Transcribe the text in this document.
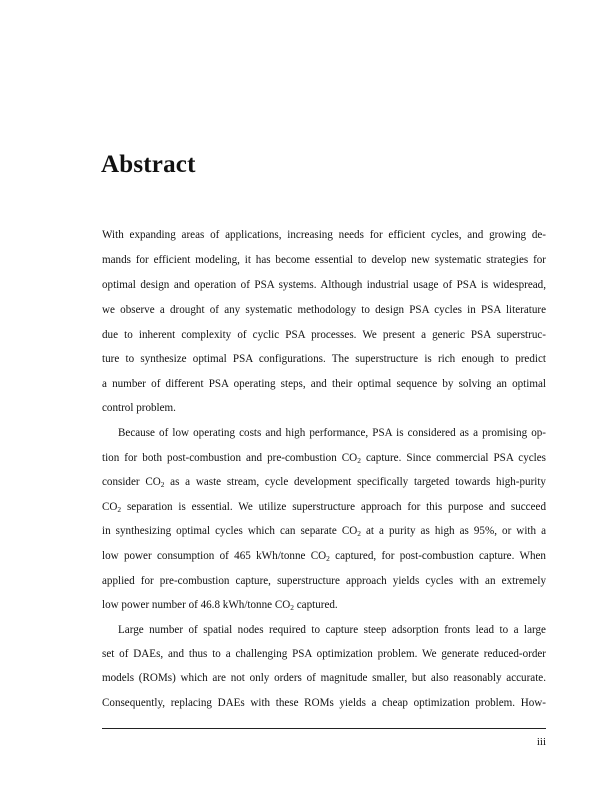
Abstract
With expanding areas of applications, increasing needs for efficient cycles, and growing de-
mands for efficient modeling, it has become essential to develop new systematic strategies for
optimal design and operation of PSA systems. Although industrial usage of PSA is widespread,
we observe a drought of any systematic methodology to design PSA cycles in PSA literature
due to inherent complexity of cyclic PSA processes. We present a generic PSA superstruc-
ture to synthesize optimal PSA configurations. The superstructure is rich enough to predict
a number of different PSA operating steps, and their optimal sequence by solving an optimal
control problem.
Because of low operating costs and high performance, PSA is considered as a promising op-
tion for both post-combustion and pre-combustion $CO_2$ capture. Since commercial PSA cycles
consider $CO_2$ as a waste stream, cycle development specifically targeted towards high-purity
$CO_2$ separation is essential. We utilize superstructure approach for this purpose and succeed
in synthesizing optimal cycles which can separate $CO_2$ at a purity as high as 95%, or with a
low power consumption of 465 kWh/tonne $CO_2$ captured, for post-combustion capture. When
applied for pre-combustion capture, superstructure approach yields cycles with an extremely
low power number of 46.8 kWh/tonne $CO_2$ captured.
Large number of spatial nodes required to capture steep adsorption fronts lead to a large
set of DAEs, and thus to a challenging PSA optimization problem. We generate reduced-order
models (ROMs) which are not only orders of magnitude smaller, but also reasonably accurate.
Consequently, replacing DAEs with these ROMs yields a cheap optimization problem. How-
iii
